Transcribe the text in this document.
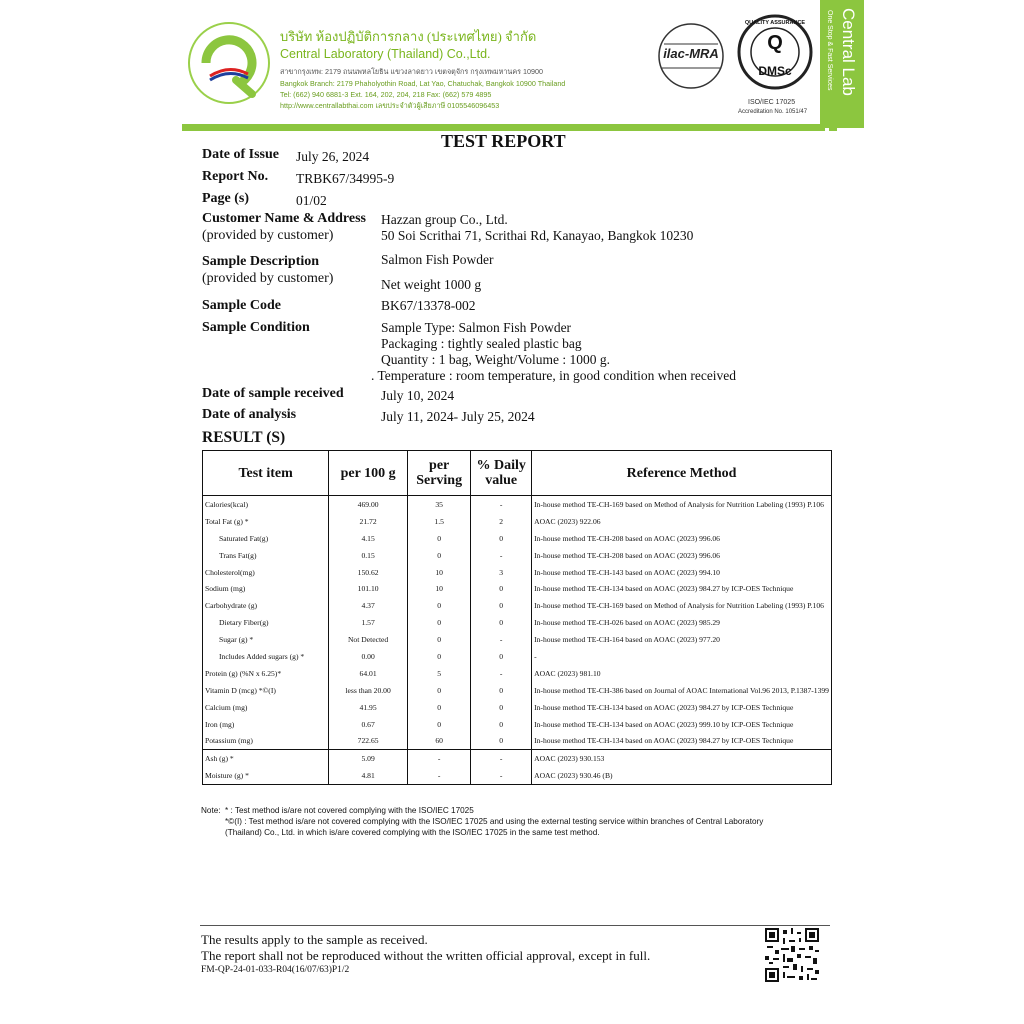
บริษัท ห้องปฏิบัติการกลาง (ประเทศไทย) จำกัด
Central Laboratory (Thailand) Co.,Ltd.
สาขากรุงเทพ: 2179 ถนนพหลโยธิน แขวงลาดยาว เขตจตุจักร กรุงเทพมหานคร 10900
Bangkok Branch: 2179 Phaholyothin Road, Lat Yao, Chatuchak, Bangkok 10900 Thailand
Tel: (662) 940 6881-3 Ext. 164, 202, 204, 218 Fax: (662) 579 4895
http://www.centrallabthai.com เลขประจำตัวผู้เสียภาษี 0105546096453
ilac-MRA
QUALITY ASSURANCE
Q
DMSc
ISO/IEC 17025
Accreditation No. 1051/47
Central Lab
One Stop & Fast Services
TEST REPORT
Date of Issue July 26, 2024
Report No. TRBK67/34995-9
Page (s)	01/02
Customer Name & Address
(provided by customer)
Hazzan group Co., Ltd.
50 Soi Scrithai 71, Scrithai Rd, Kanayao, Bangkok 10230
Sample Description
(provided by customer)
Salmon Fish Powder
Net weight 1000 g
Sample Code	BK67/13378-002
Sample Condition	Sample Type: Salmon Fish Powder
Packaging : tightly sealed plastic bag
Quantity : 1 bag, Weight/Volume : 1000 g.
. Temperature : room temperature, in good condition when received
Date of sample received	July 10, 2024
Date of analysis	July 11, 2024- July 25, 2024
RESULT (S)
Test item	per 100 g	per Serving	% Daily value	Reference Method
Calories(kcal)	469.00	35	-	In-house method TE-CH-169 based on Method of Analysis for Nutrition Labeling (1993) P.106
Total Fat (g) *	21.72	1.5	2	AOAC (2023) 922.06
Saturated Fat(g)	4.15	0	0	In-house method TE-CH-208 based on AOAC (2023) 996.06
Trans Fat(g)	0.15	0	-	In-house method TE-CH-208 based on AOAC (2023) 996.06
Cholesterol(mg)	150.62	10	3	In-house method TE-CH-143 based on AOAC (2023) 994.10
Sodium (mg)	101.10	10	0	In-house method TE-CH-134 based on AOAC (2023) 984.27 by ICP-OES Technique
Carbohydrate (g)	4.37	0	0	In-house method TE-CH-169 based on Method of Analysis for Nutrition Labeling (1993) P.106
Dietary Fiber(g)	1.57	0	0	In-house method TE-CH-026 based on AOAC (2023) 985.29
Sugar (g) *	Not Detected	0	-	In-house method TE-CH-164 based on AOAC (2023) 977.20
Includes Added sugars (g) *	0.00	0	0	-
Protein (g) (%N x 6.25)*	64.01	5	-	AOAC (2023) 981.10
Vitamin D (mcg) *©(I)	less than 20.00	0	0	In-house method TE-CH-386 based on Journal of AOAC International Vol.96 2013, P.1387-1399
Calcium (mg)	41.95	0	0	In-house method TE-CH-134 based on AOAC (2023) 984.27 by ICP-OES Technique
Iron (mg)	0.67	0	0	In-house method TE-CH-134 based on AOAC (2023) 999.10 by ICP-OES Technique
Potassium (mg)	722.65	60	0	In-house method TE-CH-134 based on AOAC (2023) 984.27 by ICP-OES Technique
Ash (g) *	5.09	-	-	AOAC (2023) 930.153
Moisture (g) *	4.81	-	-	AOAC (2023) 930.46 (B)
Note: * : Test method is/are not covered complying with the ISO/IEC 17025
*©(I) : Test method is/are not covered complying with the ISO/IEC 17025 and using the external testing service within branches of Central Laboratory
(Thailand) Co., Ltd. in which is/are covered complying with the ISO/IEC 17025 in the same test method.
The results apply to the sample as received.
The report shall not be reproduced without the written official approval, except in full.
FM-QP-24-01-033-R04(16/07/63)P1/2
